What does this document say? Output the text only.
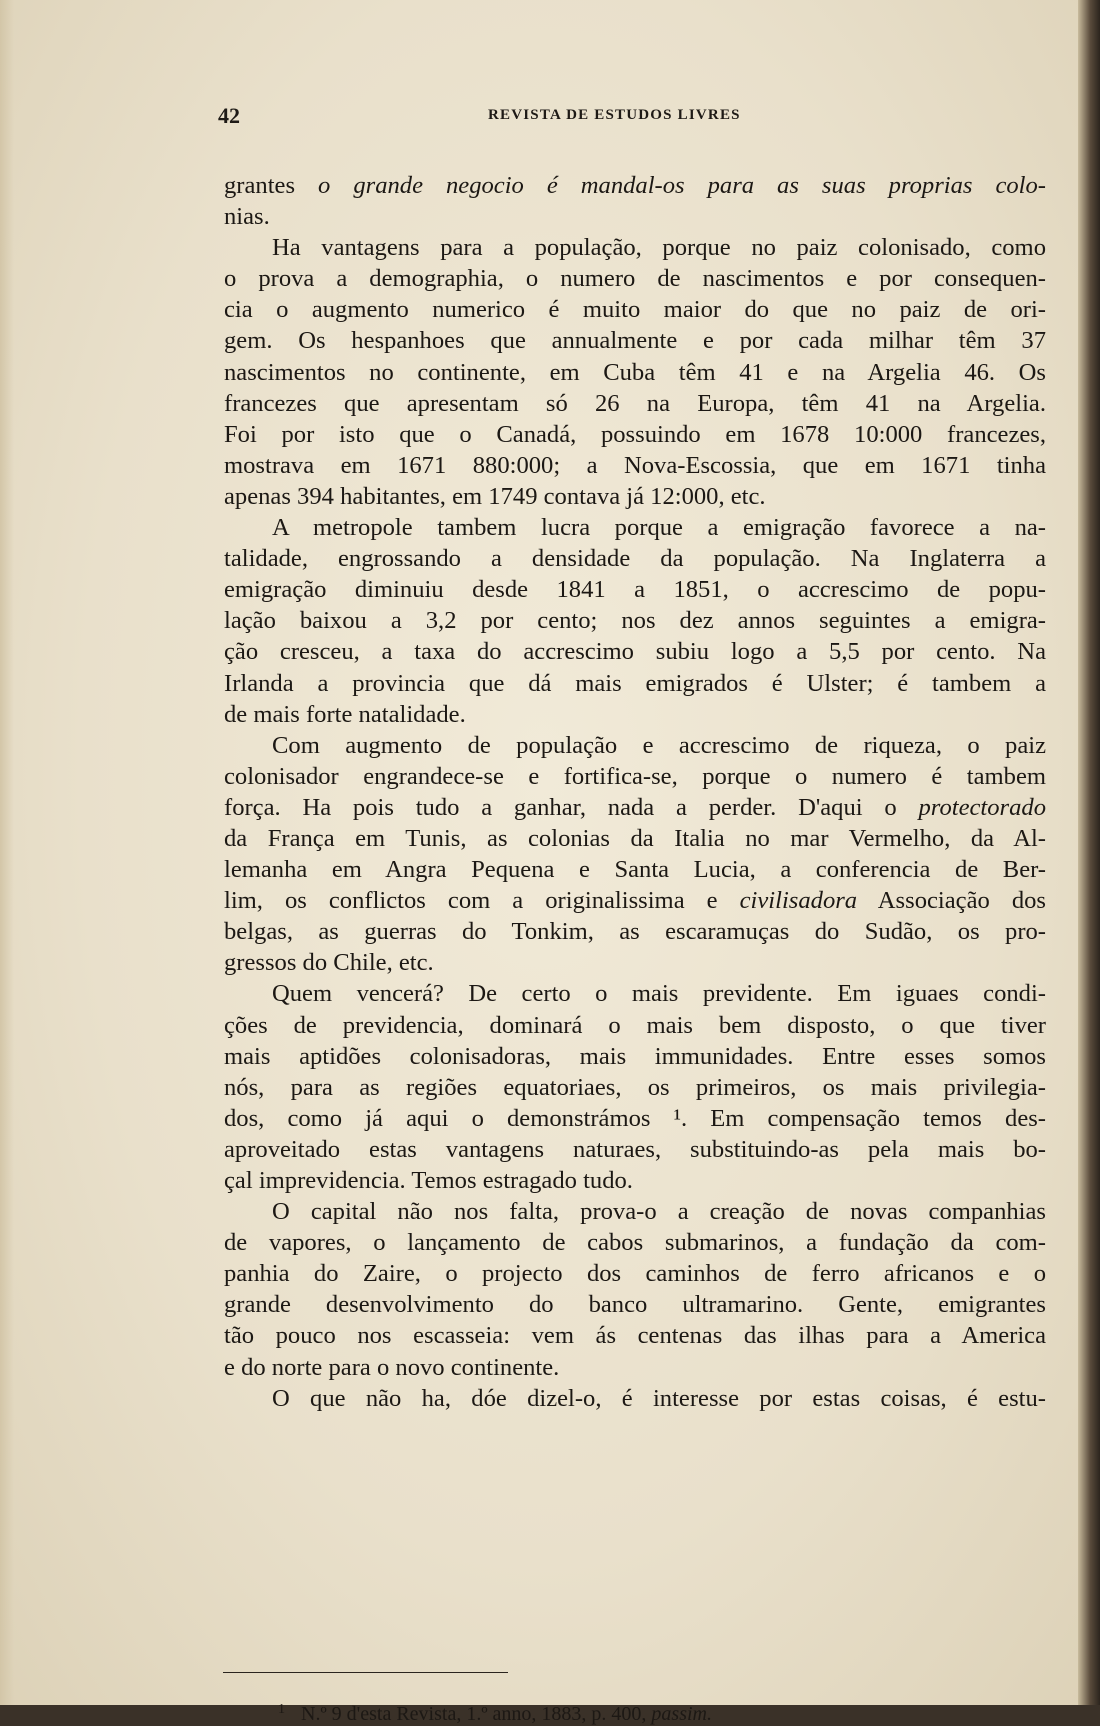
42	REVISTA DE ESTUDOS LIVRES
grantes o grande negocio é mandal-os para as suas proprias colo-
nias.
Ha vantagens para a população, porque no paiz colonisado, como
o prova a demographia, o numero de nascimentos e por consequen-
cia o augmento numerico é muito maior do que no paiz de ori-
gem. Os hespanhoes que annualmente e por cada milhar têm 37
nascimentos no continente, em Cuba têm 41 e na Argelia 46. Os
francezes que apresentam só 26 na Europa, têm 41 na Argelia.
Foi por isto que o Canadá, possuindo em 1678 10:000 francezes,
mostrava em 1671 880:000; a Nova-Escossia, que em 1671 tinha
apenas 394 habitantes, em 1749 contava já 12:000, etc.
A metropole tambem lucra porque a emigração favorece a na-
talidade, engrossando a densidade da população. Na Inglaterra a
emigração diminuiu desde 1841 a 1851, o accrescimo de popu-
lação baixou a 3,2 por cento; nos dez annos seguintes a emigra-
ção cresceu, a taxa do accrescimo subiu logo a 5,5 por cento. Na
Irlanda a provincia que dá mais emigrados é Ulster; é tambem a
de mais forte natalidade.
Com augmento de população e accrescimo de riqueza, o paiz
colonisador engrandece-se e fortifica-se, porque o numero é tambem
força. Ha pois tudo a ganhar, nada a perder. D'aqui o protectorado
da França em Tunis, as colonias da Italia no mar Vermelho, da Al-
lemanha em Angra Pequena e Santa Lucia, a conferencia de Ber-
lim, os conflictos com a originalissima e civilisadora Associação dos
belgas, as guerras do Tonkim, as escaramuças do Sudão, os pro-
gressos do Chile, etc.
Quem vencerá? De certo o mais previdente. Em iguaes condi-
ções de previdencia, dominará o mais bem disposto, o que tiver
mais aptidões colonisadoras, mais immunidades. Entre esses somos
nós, para as regiões equatoriaes, os primeiros, os mais privilegia-
dos, como já aqui o demonstrámos ¹. Em compensação temos des-
aproveitado estas vantagens naturaes, substituindo-as pela mais bo-
çal imprevidencia. Temos estragado tudo.
O capital não nos falta, prova-o a creação de novas companhias
de vapores, o lançamento de cabos submarinos, a fundação da com-
panhia do Zaire, o projecto dos caminhos de ferro africanos e o
grande desenvolvimento do banco ultramarino. Gente, emigrantes
tão pouco nos escasseia: vem ás centenas das ilhas para a America
e do norte para o novo continente.
O que não ha, dóe dizel-o, é interesse por estas coisas, é estu-
$^1$ N.º 9 d'esta Revista, 1.º anno, 1883, p. 400, passim.
